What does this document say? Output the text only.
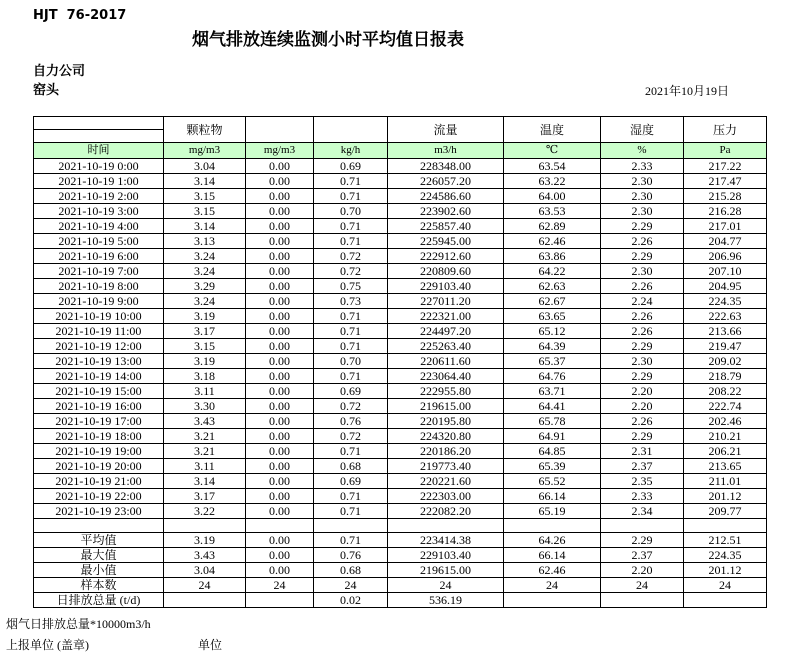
HJT  76-2017
烟气排放连续监测小时平均值日报表
自力公司
窑头	2021年10月19日
	颗粒物			流量	温度	湿度	压力

时间	mg/m3	mg/m3	kg/h	m3/h	℃	%	Pa
2021-10-19 0:00	3.04	0.00	0.69	228348.00	63.54	2.33	217.22
2021-10-19 1:00	3.14	0.00	0.71	226057.20	63.22	2.30	217.47
2021-10-19 2:00	3.15	0.00	0.71	224586.60	64.00	2.30	215.28
2021-10-19 3:00	3.15	0.00	0.70	223902.60	63.53	2.30	216.28
2021-10-19 4:00	3.14	0.00	0.71	225857.40	62.89	2.29	217.01
2021-10-19 5:00	3.13	0.00	0.71	225945.00	62.46	2.26	204.77
2021-10-19 6:00	3.24	0.00	0.72	222912.60	63.86	2.29	206.96
2021-10-19 7:00	3.24	0.00	0.72	220809.60	64.22	2.30	207.10
2021-10-19 8:00	3.29	0.00	0.75	229103.40	62.63	2.26	204.95
2021-10-19 9:00	3.24	0.00	0.73	227011.20	62.67	2.24	224.35
2021-10-19 10:00	3.19	0.00	0.71	222321.00	63.65	2.26	222.63
2021-10-19 11:00	3.17	0.00	0.71	224497.20	65.12	2.26	213.66
2021-10-19 12:00	3.15	0.00	0.71	225263.40	64.39	2.29	219.47
2021-10-19 13:00	3.19	0.00	0.70	220611.60	65.37	2.30	209.02
2021-10-19 14:00	3.18	0.00	0.71	223064.40	64.76	2.29	218.79
2021-10-19 15:00	3.11	0.00	0.69	222955.80	63.71	2.20	208.22
2021-10-19 16:00	3.30	0.00	0.72	219615.00	64.41	2.20	222.74
2021-10-19 17:00	3.43	0.00	0.76	220195.80	65.78	2.26	202.46
2021-10-19 18:00	3.21	0.00	0.72	224320.80	64.91	2.29	210.21
2021-10-19 19:00	3.21	0.00	0.71	220186.20	64.85	2.31	206.21
2021-10-19 20:00	3.11	0.00	0.68	219773.40	65.39	2.37	213.65
2021-10-19 21:00	3.14	0.00	0.69	220221.60	65.52	2.35	211.01
2021-10-19 22:00	3.17	0.00	0.71	222303.00	66.14	2.33	201.12
2021-10-19 23:00	3.22	0.00	0.71	222082.20	65.19	2.34	209.77

平均值	3.19	0.00	0.71	223414.38	64.26	2.29	212.51
最大值	3.43	0.00	0.76	229103.40	66.14	2.37	224.35
最小值	3.04	0.00	0.68	219615.00	62.46	2.20	201.12
样本数	24	24	24	24	24	24	24
日排放总量 (t/d)			0.02	536.19			
烟气日排放总量*10000m3/h
上报单位 (盖章)	单位
